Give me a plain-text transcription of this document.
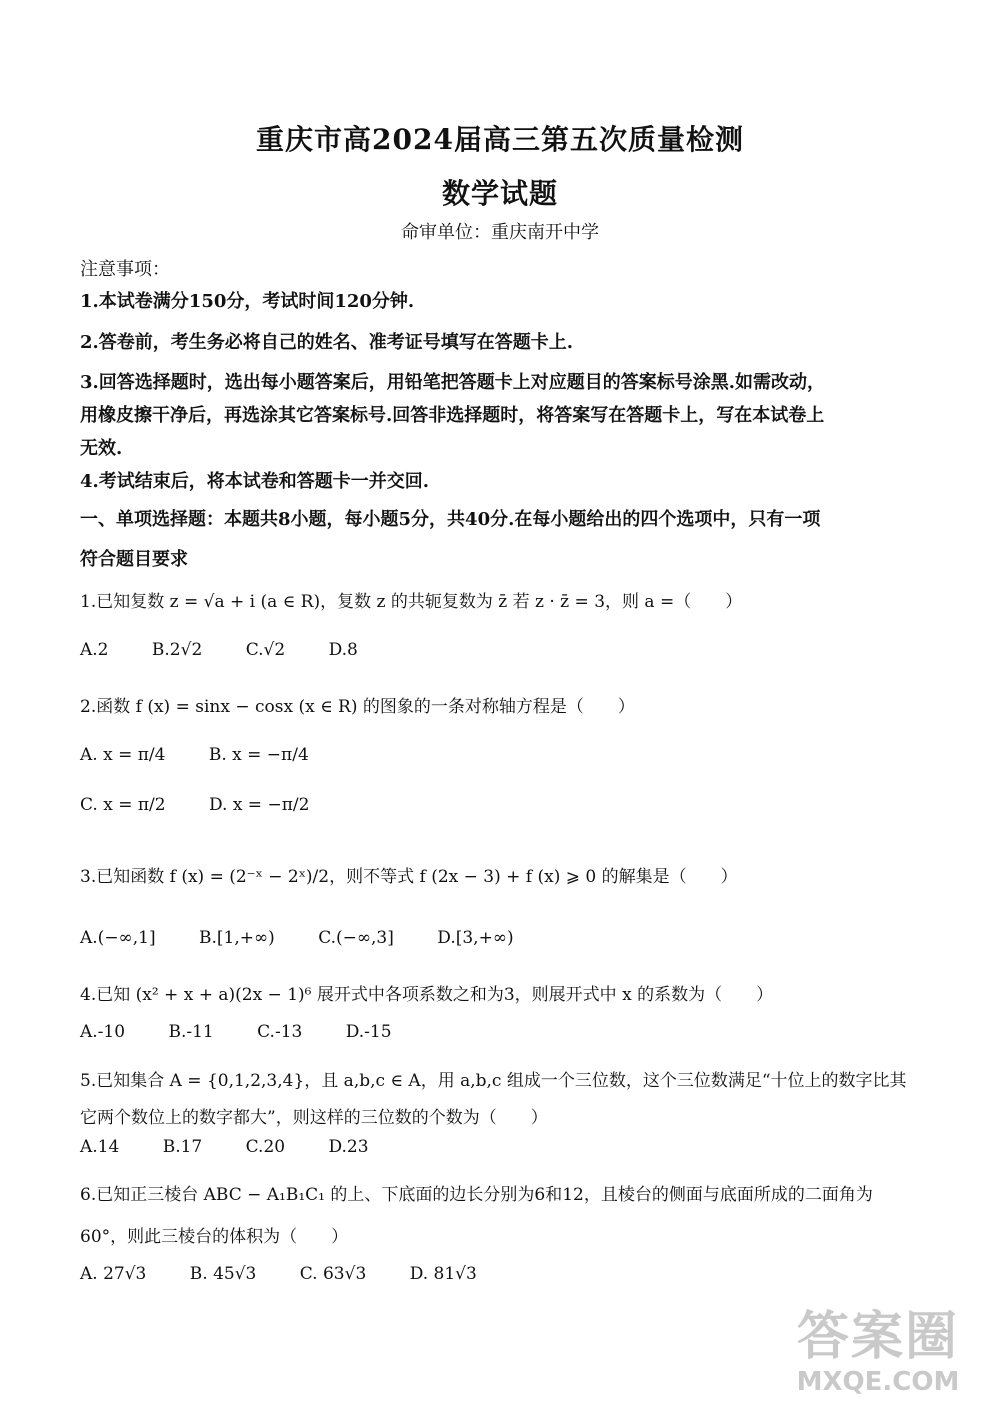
重庆市高2024届高三第五次质量检测
数学试题
命审单位：重庆南开中学
注意事项：
1.本试卷满分150分，考试时间120分钟.
2.答卷前，考生务必将自己的姓名、准考证号填写在答题卡上.
3.回答选择题时，选出每小题答案后，用铅笔把答题卡上对应题目的答案标号涂黑.如需改动，
用橡皮擦干净后，再选涂其它答案标号.回答非选择题时，将答案写在答题卡上，写在本试卷上
无效.
4.考试结束后，将本试卷和答题卡一并交回.
一、单项选择题：本题共8小题，每小题5分，共40分.在每小题给出的四个选项中，只有一项
符合题目要求
1.已知复数 z = √a + i (a ∈ R)，复数 z 的共轭复数为 z̄ 若 z · z̄ = 3，则 a =（　　）
A.2	B.2√2	C.√2	D.8
2.函数 f (x) = sinx − cosx (x ∈ R) 的图象的一条对称轴方程是（　　）
A. x = π/4	B. x = −π/4
C. x = π/2	D. x = −π/2
3.已知函数 f (x) = (2⁻ˣ − 2ˣ)/2，则不等式 f (2x − 3) + f (x) ⩾ 0 的解集是（　　）
A.(−∞,1]	B.[1,+∞)	C.(−∞,3]	D.[3,+∞)
4.已知 (x² + x + a)(2x − 1)⁶ 展开式中各项系数之和为3，则展开式中 x 的系数为（　　）
A.-10	B.-11	C.-13	D.-15
5.已知集合 A = {0,1,2,3,4}，且 a,b,c ∈ A，用 a,b,c 组成一个三位数，这个三位数满足“十位上的数字比其
它两个数位上的数字都大”，则这样的三位数的个数为（　　）
A.14	B.17	C.20	D.23
6.已知正三棱台 ABC − A₁B₁C₁ 的上、下底面的边长分别为6和12，且棱台的侧面与底面所成的二面角为
60°，则此三棱台的体积为（　　）
A. 27√3	B. 45√3	C. 63√3	D. 81√3
答案圈
MXQE.COM
